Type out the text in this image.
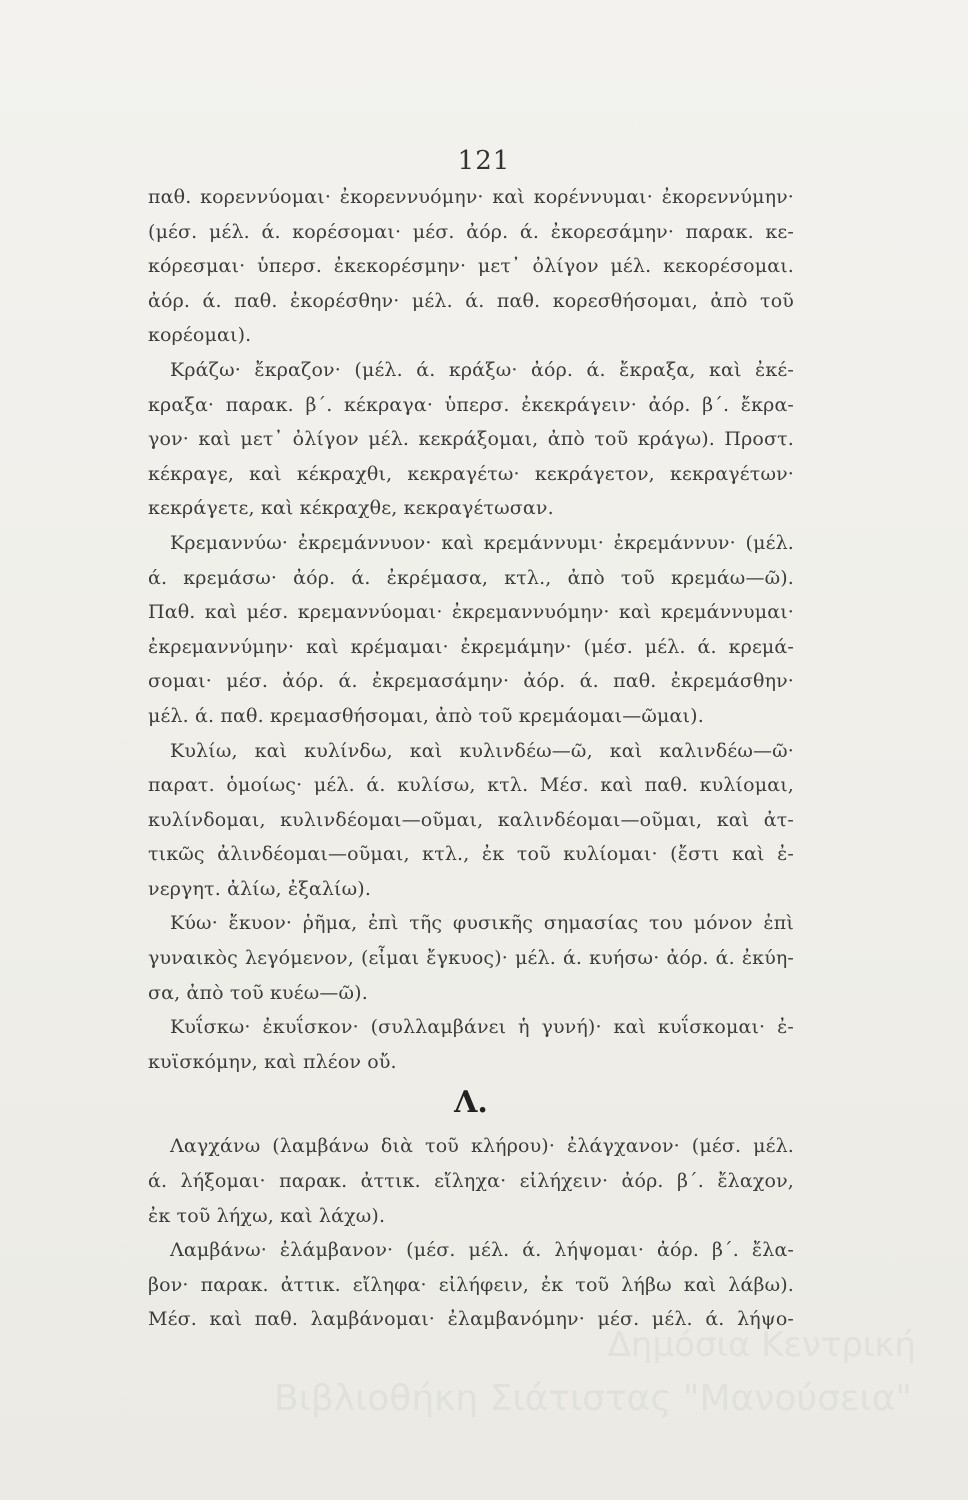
121
παθ. κορεννύομαι· ἐκορεννυόμην· καὶ κορέννυμαι· ἐκορεννύμην·
(μέσ. μέλ. ά. κορέσομαι· μέσ. ἀόρ. ά. ἐκορεσάμην· παρακ. κε-
κόρεσμαι· ὑπερσ. ἐκεκορέσμην· μετ᾽ ὀλίγον μέλ. κεκορέσομαι.
ἀόρ. ά. παθ. ἐκορέσθην· μέλ. ά. παθ. κορεσθήσομαι, ἀπὸ τοῦ
κορέομαι).
Κράζω· ἔκραζον· (μέλ. ά. κράξω· ἀόρ. ά. ἔκραξα, καὶ ἐκέ-
κραξα· παρακ. β΄. κέκραγα· ὑπερσ. ἐκεκράγειν· ἀόρ. β΄. ἔκρα-
γον· καὶ μετ᾽ ὀλίγον μέλ. κεκράξομαι, ἀπὸ τοῦ κράγω). Προστ.
κέκραγε, καὶ κέκραχθι, κεκραγέτω· κεκράγετον, κεκραγέτων·
κεκράγετε, καὶ κέκραχθε, κεκραγέτωσαν.
Κρεμαννύω· ἐκρεμάννυον· καὶ κρεμάννυμι· ἐκρεμάννυν· (μέλ.
ά. κρεμάσω· ἀόρ. ά. ἐκρέμασα, κτλ., ἀπὸ τοῦ κρεμάω—ῶ).
Παθ. καὶ μέσ. κρεμαννύομαι· ἐκρεμαννυόμην· καὶ κρεμάννυμαι·
ἐκρεμαννύμην· καὶ κρέμαμαι· ἐκρεμάμην· (μέσ. μέλ. ά. κρεμά-
σομαι· μέσ. ἀόρ. ά. ἐκρεμασάμην· ἀόρ. ά. παθ. ἐκρεμάσθην·
μέλ. ά. παθ. κρεμασθήσομαι, ἀπὸ τοῦ κρεμάομαι—ῶμαι).
Κυλίω, καὶ κυλίνδω, καὶ κυλινδέω—ῶ, καὶ καλινδέω—ῶ·
παρατ. ὁμοίως· μέλ. ά. κυλίσω, κτλ. Μέσ. καὶ παθ. κυλίομαι,
κυλίνδομαι, κυλινδέομαι—οῦμαι, καλινδέομαι—οῦμαι, καὶ ἀτ-
τικῶς ἀλινδέομαι—οῦμαι, κτλ., ἐκ τοῦ κυλίομαι· (ἔστι καὶ ἐ-
νεργητ. ἀλίω, ἐξαλίω).
Κύω· ἔκυον· ῥῆμα, ἐπὶ τῆς φυσικῆς σημασίας του μόνον ἐπὶ
γυναικὸς λεγόμενον, (εἶμαι ἔγκυος)· μέλ. ά. κυήσω· ἀόρ. ά. ἐκύη-
σα, ἀπὸ τοῦ κυέω—ῶ).
Κυΐσκω· ἐκυΐσκον· (συλλαμβάνει ἡ γυνή)· καὶ κυΐσκομαι· ἐ-
κυϊσκόμην, καὶ πλέον οὔ.
Λ.
Λαγχάνω (λαμβάνω διὰ τοῦ κλήρου)· ἐλάγχανον· (μέσ. μέλ.
ά. λήξομαι· παρακ. ἀττικ. εἴληχα· εἰλήχειν· ἀόρ. β΄. ἔλαχον,
ἐκ τοῦ λήχω, καὶ λάχω).
Λαμβάνω· ἐλάμβανον· (μέσ. μέλ. ά. λήψομαι· ἀόρ. β΄. ἔλα-
βον· παρακ. ἀττικ. εἴληφα· εἰλήφειν, ἐκ τοῦ λήβω καὶ λάβω).
Μέσ. καὶ παθ. λαμβάνομαι· ἐλαμβανόμην· μέσ. μέλ. ά. λήψο-
Δημόσια Κεντρική
Βιβλιοθήκη Σιάτιστας "Μανούσεια"
